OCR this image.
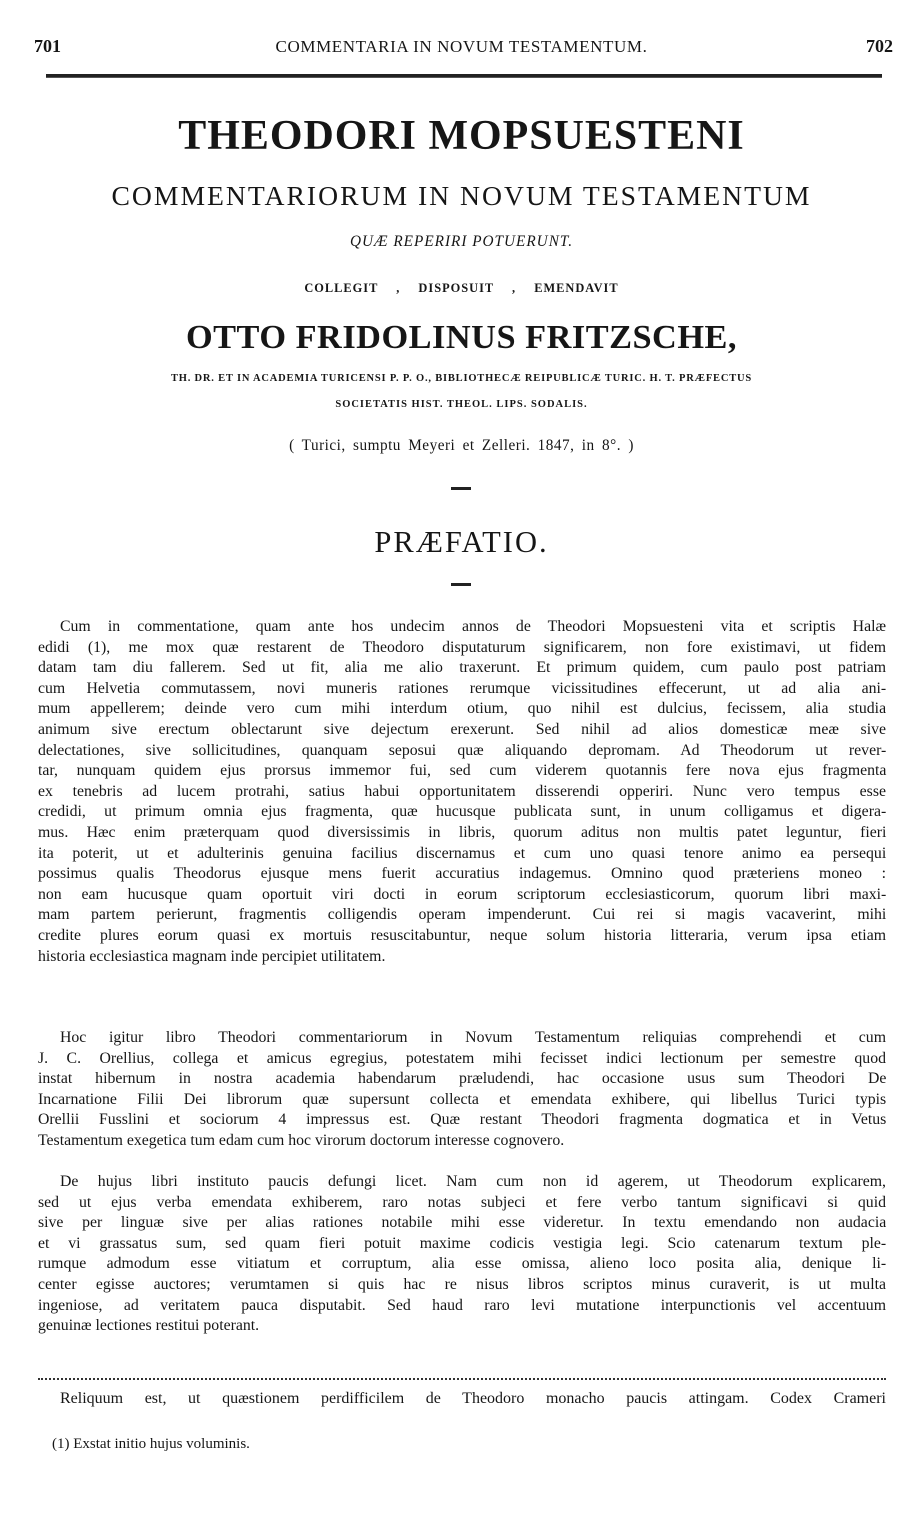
701	COMMENTARIA IN NOVUM TESTAMENTUM.	702
THEODORI MOPSUESTENI
COMMENTARIORUM IN NOVUM TESTAMENTUM
QUÆ REPERIRI POTUERUNT.
COLLEGIT , DISPOSUIT , EMENDAVIT
OTTO FRIDOLINUS FRITZSCHE,
TH. DR. ET IN ACADEMIA TURICENSI P. P. O., BIBLIOTHECÆ REIPUBLICÆ TURIC. H. T. PRÆFECTUS
SOCIETATIS HIST. THEOL. LIPS. SODALIS.
( Turici, sumptu Meyeri et Zelleri. 1847, in 8°. )
PRÆFATIO.
Cum in commentatione, quam ante hos undecim annos de Theodori Mopsuesteni vita et scriptis Halæ
edidi (1), me mox quæ restarent de Theodoro disputaturum significarem, non fore existimavi, ut fidem
datam tam diu fallerem. Sed ut fit, alia me alio traxerunt. Et primum quidem, cum paulo post patriam
cum Helvetia commutassem, novi muneris rationes rerumque vicissitudines effecerunt, ut ad alia ani-
mum appellerem; deinde vero cum mihi interdum otium, quo nihil est dulcius, fecissem, alia studia
animum sive erectum oblectarunt sive dejectum erexerunt. Sed nihil ad alios domesticæ meæ sive
delectationes, sive sollicitudines, quanquam seposui quæ aliquando depromam. Ad Theodorum ut rever-
tar, nunquam quidem ejus prorsus immemor fui, sed cum viderem quotannis fere nova ejus fragmenta
ex tenebris ad lucem protrahi, satius habui opportunitatem disserendi opperiri. Nunc vero tempus esse
credidi, ut primum omnia ejus fragmenta, quæ hucusque publicata sunt, in unum colligamus et digera-
mus. Hæc enim præterquam quod diversissimis in libris, quorum aditus non multis patet leguntur, fieri
ita poterit, ut et adulterinis genuina facilius discernamus et cum uno quasi tenore animo ea persequi
possimus qualis Theodorus ejusque mens fuerit accuratius indagemus. Omnino quod præteriens moneo :
non eam hucusque quam oportuit viri docti in eorum scriptorum ecclesiasticorum, quorum libri maxi-
mam partem perierunt, fragmentis colligendis operam impenderunt. Cui rei si magis vacaverint, mihi
credite plures eorum quasi ex mortuis resuscitabuntur, neque solum historia litteraria, verum ipsa etiam
historia ecclesiastica magnam inde percipiet utilitatem.
Hoc igitur libro Theodori commentariorum in Novum Testamentum reliquias comprehendi et cum
J. C. Orellius, collega et amicus egregius, potestatem mihi fecisset indici lectionum per semestre quod
instat hibernum in nostra academia habendarum præludendi, hac occasione usus sum Theodori De
Incarnatione Filii Dei librorum quæ supersunt collecta et emendata exhibere, qui libellus Turici typis
Orellii Fusslini et sociorum 4 impressus est. Quæ restant Theodori fragmenta dogmatica et in Vetus
Testamentum exegetica tum edam cum hoc virorum doctorum interesse cognovero.
De hujus libri instituto paucis defungi licet. Nam cum non id agerem, ut Theodorum explicarem,
sed ut ejus verba emendata exhiberem, raro notas subjeci et fere verbo tantum significavi si quid
sive per linguæ sive per alias rationes notabile mihi esse videretur. In textu emendando non audacia
et vi grassatus sum, sed quam fieri potuit maxime codicis vestigia legi. Scio catenarum textum ple-
rumque admodum esse vitiatum et corruptum, alia esse omissa, alieno loco posita alia, denique li-
center egisse auctores; verumtamen si quis hac re nisus libros scriptos minus curaverit, is ut multa
ingeniose, ad veritatem pauca disputabit. Sed haud raro levi mutatione interpunctionis vel accentuum
genuinæ lectiones restitui poterant.
Reliquum est, ut quæstionem perdifficilem de Theodoro monacho paucis attingam. Codex Crameri
(1) Exstat initio hujus voluminis.
